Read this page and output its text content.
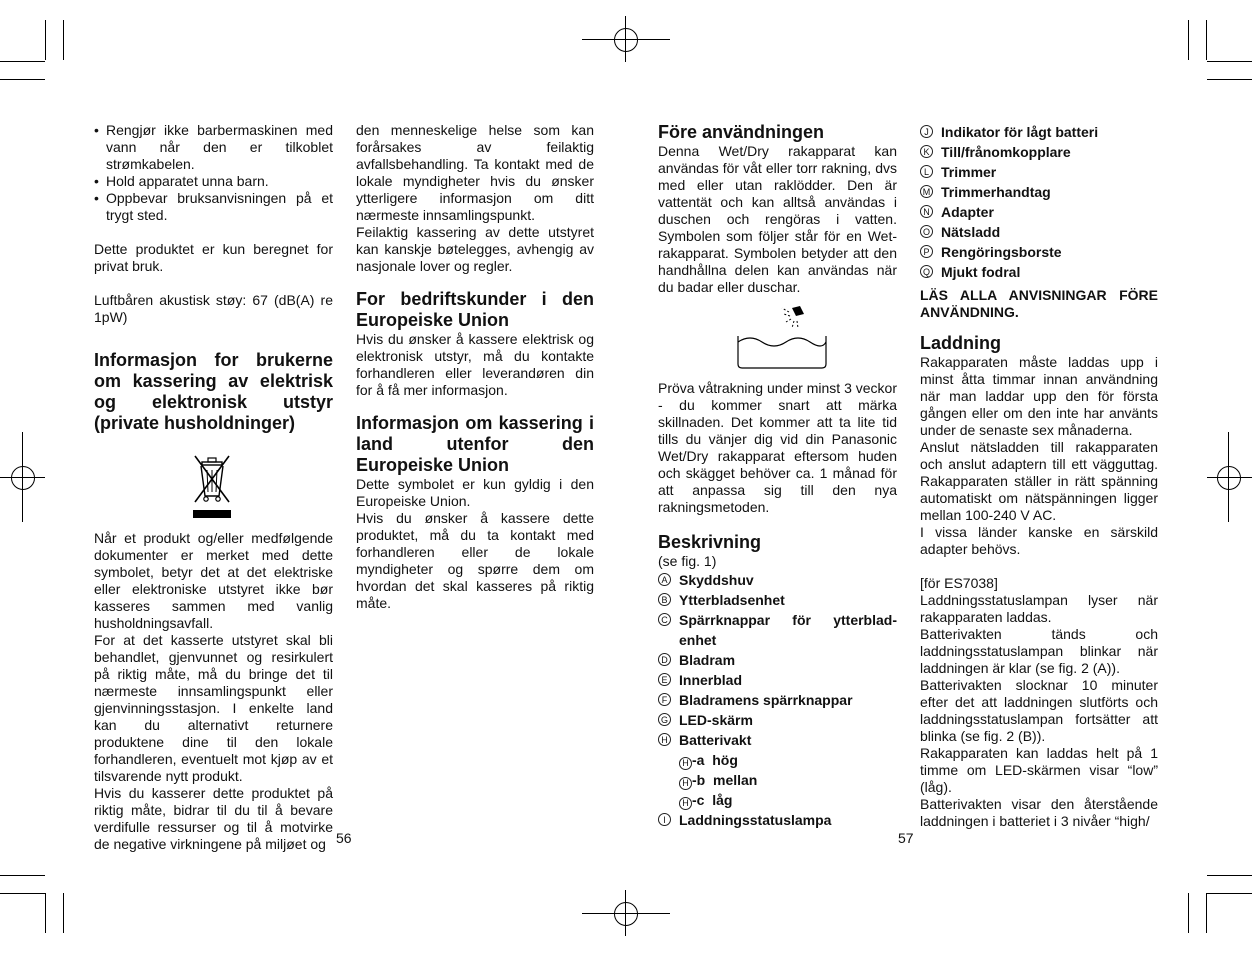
• Rengjør ikke barbermaskinen med vann når den er tilkoblet strømkabelen.
• Hold apparatet unna barn.
• Oppbevar bruksanvisningen på et trygt sted.

Dette produktet er kun beregnet for privat bruk.

Luftbåren akustisk støy: 67 (dB(A) re 1pW)

Informasjon for brukerne om kassering av elektrisk og elektronisk utstyr (private husholdninger)

Når et produkt og/eller medfølgende dokumenter er merket med dette symbolet, betyr det at det elektriske eller elektroniske utstyret ikke bør kasseres sammen med vanlig husholdningsavfall.

For at det kasserte utstyret skal bli behandlet, gjenvunnet og resirkulert på riktig måte, må du bringe det til nærmeste innsamlingspunkt eller gjenvinningsstasjon. I enkelte land kan du alternativt returnere produktene dine til den lokale forhandleren, eventuelt mot kjøp av et tilsvarende nytt produkt.

Hvis du kasserer dette produktet på riktig måte, bidrar til du til å bevare verdifulle ressurser og til å motvirke de negative virkningene på miljøet og 56

den menneskelige helse som kan forårsakes av feilaktig avfallsbehandling. Ta kontakt med de lokale myndigheter hvis du ønsker ytterligere informasjon om ditt nærmeste innsamlingspunkt.

Feilaktig kassering av dette utstyret kan kanskje bøtelegges, avhengig av nasjonale lover og regler.

For bedriftskunder i den Europeiske Union

Hvis du ønsker å kassere elektrisk og elektronisk utstyr, må du kontakte forhandleren eller leverandøren din for å få mer informasjon.

Informasjon om kassering i land utenfor den Europeiske Union

Dette symbolet er kun gyldig i den Europeiske Union.

Hvis du ønsker å kassere dette produktet, må du ta kontakt med forhandleren eller de lokale myndigheter og spørre dem om hvordan det skal kasseres på riktig måte.

Före användningen

Denna Wet/Dry rakapparat kan användas för våt eller torr rakning, dvs med eller utan raklödder. Den är vattentät och kan alltså användas i duschen och rengöras i vatten. Symbolen som följer står för en Wet-rakapparat. Symbolen betyder att den handhållna delen kan användas när du badar eller duschar.

Pröva våtrakning under minst 3 veckor - du kommer snart att märka skillnaden. Det kommer att ta lite tid tills du vänjer dig vid din Panasonic Wet/Dry rakapparat eftersom huden och skägget behöver ca. 1 månad för att anpassa sig till den nya rakningsmetoden.

Beskrivning

(se fig. 1)

A Skyddshuv
B Ytterbladsenhet
C Spärrknappar för ytterblad-enhet
D Bladram
E Innerblad
F Bladramens spärrknappar
G LED-skärm
H Batterivakt
H -a hög
H -b mellan
H -c låg
I Laddningsstatuslampa
57
J Indikator för lågt batteri
K Till/frånomkopplare
L Trimmer
M Trimmerhandtag
N Adapter
O Nätsladd
P Rengöringsborste
Q Mjukt fodral

LÄS ALLA ANVISNINGAR FÖRE ANVÄNDNING.

Laddning

Rakapparaten måste laddas upp i minst åtta timmar innan användning när man laddar upp den för första gången eller om den inte har använts under de senaste sex månaderna.

Anslut nätsladden till rakapparaten och anslut adaptern till ett vägguttag. Rakapparaten ställer in rätt spänning automatiskt om nätspänningen ligger mellan 100-240 V AC.

I vissa länder kanske en särskild adapter behövs.

[för ES7038]

Laddningsstatuslampan lyser när rakapparaten laddas.

Batterivakten tänds och laddningsstatuslampan blinkar när laddningen är klar (se fig. 2 (A)).

Batterivakten slocknar 10 minuter efter det att laddningen slutförts och laddningsstatuslampan fortsätter att blinka (se fig. 2 (B)).

Rakapparaten kan laddas helt på 1 timme om LED-skärmen visar “low” (låg).

Batterivakten visar den återstående laddningen i batteriet i 3 nivåer “high/
